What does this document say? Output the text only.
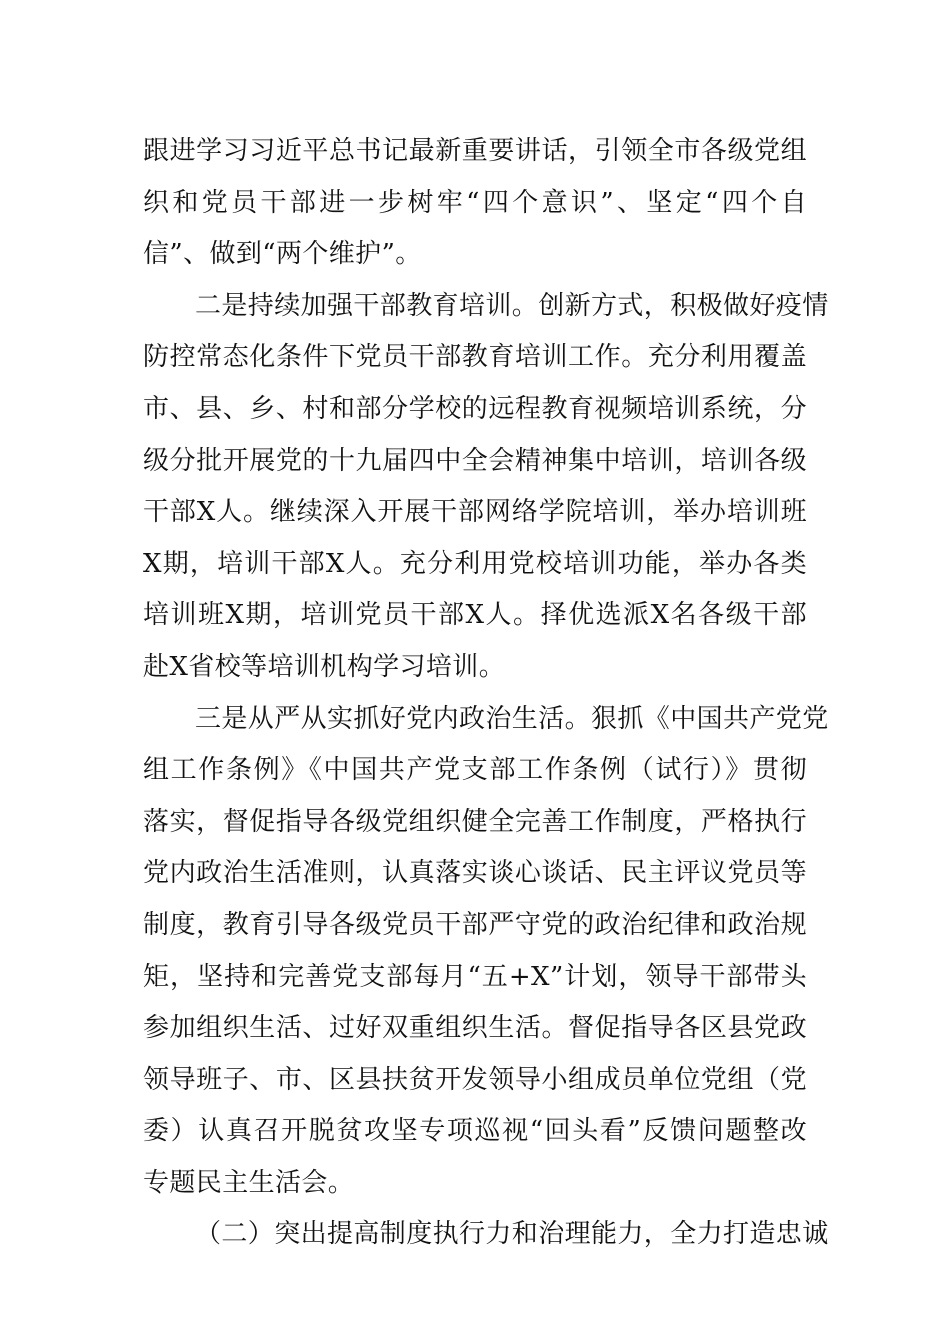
跟进学习习近平总书记最新重要讲话，引领全市各级党组
织和党员干部进一步树牢“四个意识”、坚定“四个自
信”、做到“两个维护”。
二是持续加强干部教育培训。创新方式，积极做好疫情
防控常态化条件下党员干部教育培训工作。充分利用覆盖
市、县、乡、村和部分学校的远程教育视频培训系统，分
级分批开展党的十九届四中全会精神集中培训，培训各级
干部X人。继续深入开展干部网络学院培训，举办培训班
X期，培训干部X人。充分利用党校培训功能，举办各类
培训班X期，培训党员干部X人。择优选派X名各级干部
赴X省校等培训机构学习培训。
三是从严从实抓好党内政治生活。狠抓《中国共产党党
组工作条例》《中国共产党支部工作条例（试行）》贯彻
落实，督促指导各级党组织健全完善工作制度，严格执行
党内政治生活准则，认真落实谈心谈话、民主评议党员等
制度，教育引导各级党员干部严守党的政治纪律和政治规
矩，坚持和完善党支部每月“五+X”计划，领导干部带头
参加组织生活、过好双重组织生活。督促指导各区县党政
领导班子、市、区县扶贫开发领导小组成员单位党组（党
委）认真召开脱贫攻坚专项巡视“回头看”反馈问题整改
专题民主生活会。
（二）突出提高制度执行力和治理能力，全力打造忠诚
